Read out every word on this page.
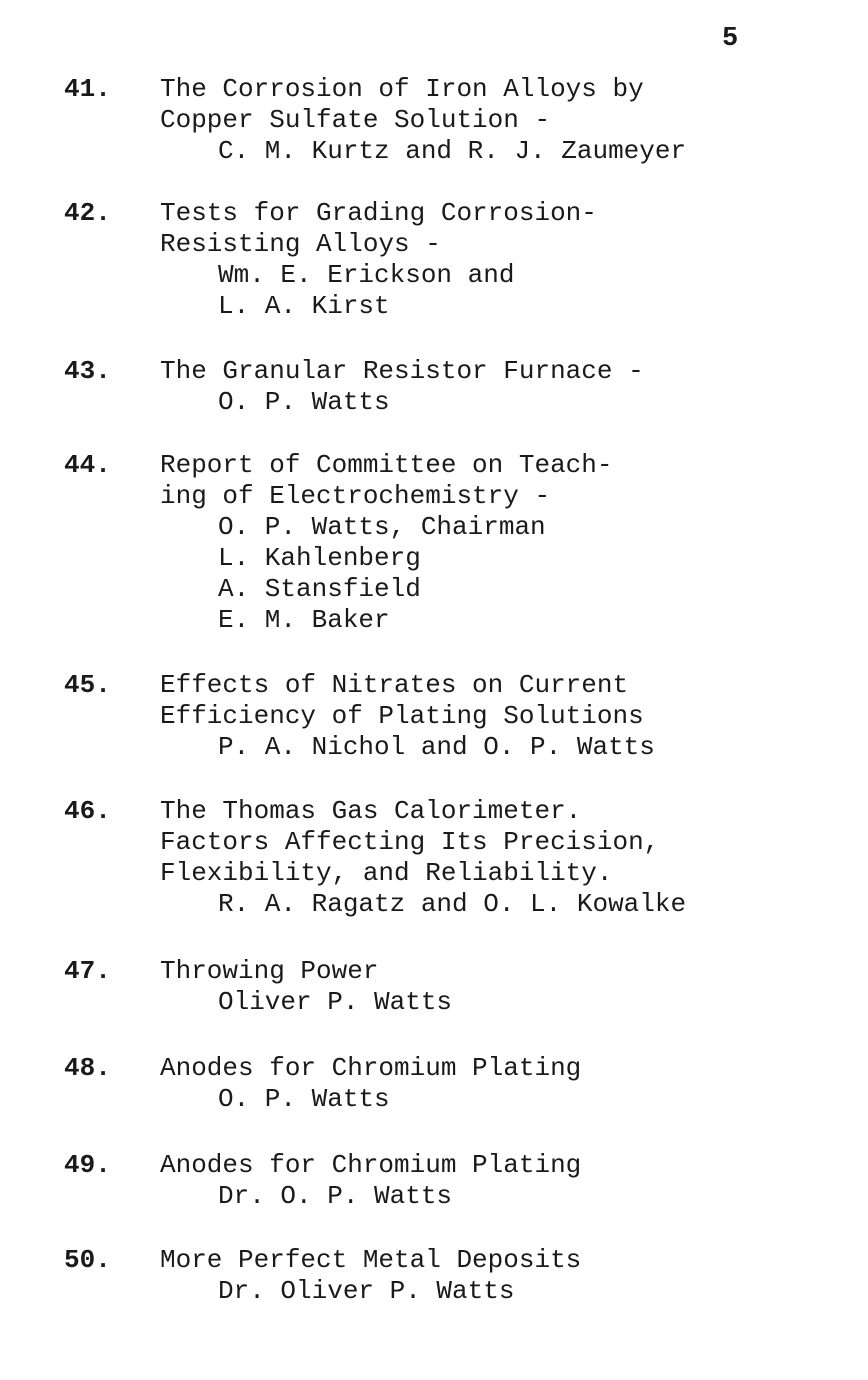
5
41. The Corrosion of Iron Alloys by
Copper Sulfate Solution -
C. M. Kurtz and R. J. Zaumeyer
42. Tests for Grading Corrosion-
Resisting Alloys -
Wm. E. Erickson and
L. A. Kirst
43. The Granular Resistor Furnace -
O. P. Watts
44. Report of Committee on Teach-
ing of Electrochemistry -
O. P. Watts, Chairman
L. Kahlenberg
A. Stansfield
E. M. Baker
45. Effects of Nitrates on Current
Efficiency of Plating Solutions
P. A. Nichol and O. P. Watts
46. The Thomas Gas Calorimeter.
Factors Affecting Its Precision,
Flexibility, and Reliability.
R. A. Ragatz and O. L. Kowalke
47. Throwing Power
Oliver P. Watts
48. Anodes for Chromium Plating
O. P. Watts
49. Anodes for Chromium Plating
Dr. O. P. Watts
50. More Perfect Metal Deposits
Dr. Oliver P. Watts
